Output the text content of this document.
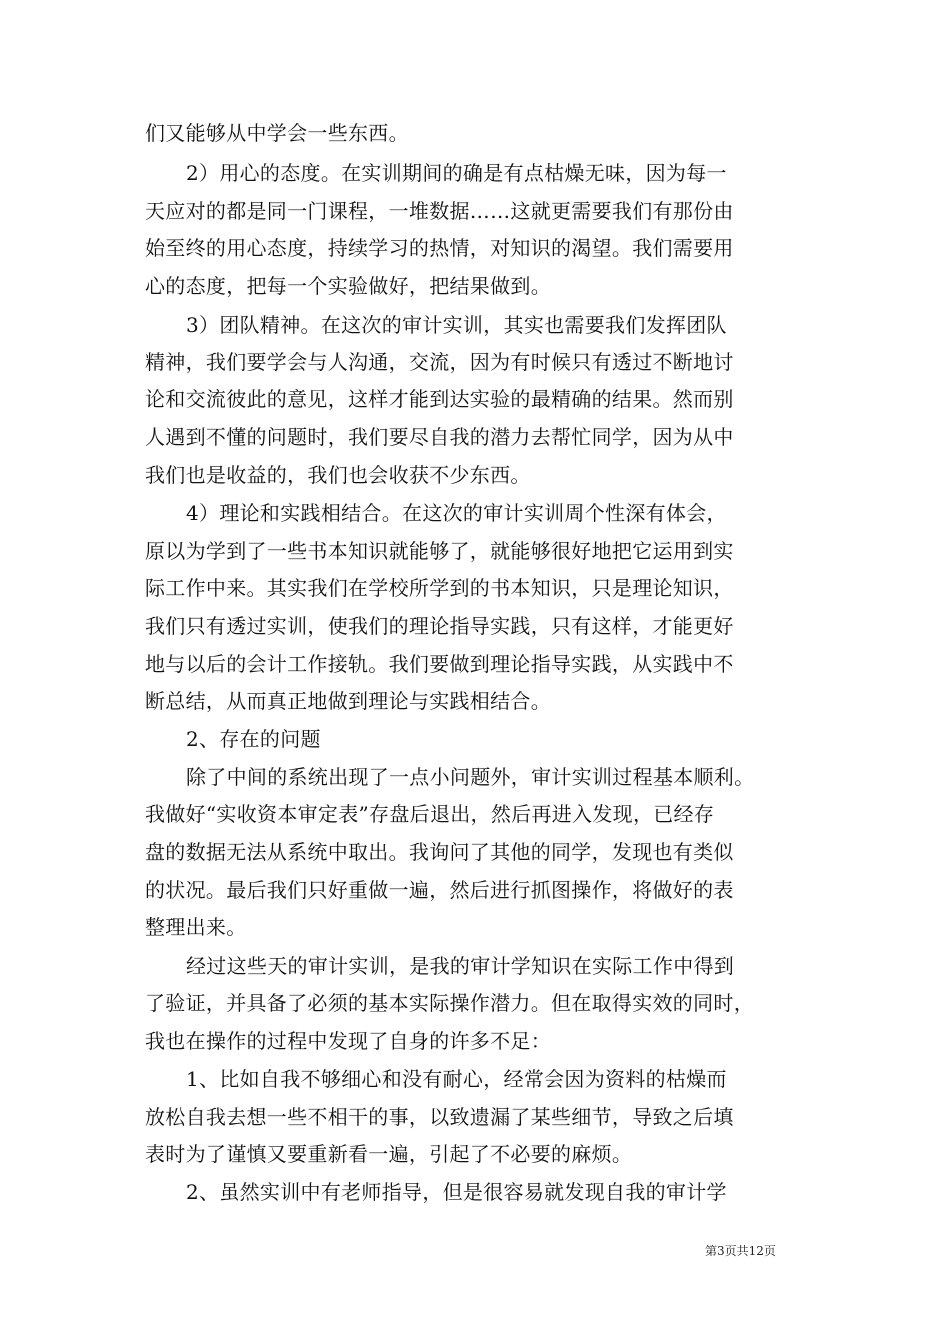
们又能够从中学会一些东西。
2）用心的态度。在实训期间的确是有点枯燥无味，因为每一
天应对的都是同一门课程，一堆数据……这就更需要我们有那份由
始至终的用心态度，持续学习的热情，对知识的渴望。我们需要用
心的态度，把每一个实验做好，把结果做到。
3）团队精神。在这次的审计实训，其实也需要我们发挥团队
精神，我们要学会与人沟通，交流，因为有时候只有透过不断地讨
论和交流彼此的意见，这样才能到达实验的最精确的结果。然而别
人遇到不懂的问题时，我们要尽自我的潜力去帮忙同学，因为从中
我们也是收益的，我们也会收获不少东西。
4）理论和实践相结合。在这次的审计实训周个性深有体会，
原以为学到了一些书本知识就能够了，就能够很好地把它运用到实
际工作中来。其实我们在学校所学到的书本知识，只是理论知识，
我们只有透过实训，使我们的理论指导实践，只有这样，才能更好
地与以后的会计工作接轨。我们要做到理论指导实践，从实践中不
断总结，从而真正地做到理论与实践相结合。
2、存在的问题
除了中间的系统出现了一点小问题外，审计实训过程基本顺利。
我做好“实收资本审定表”存盘后退出，然后再进入发现，已经存
盘的数据无法从系统中取出。我询问了其他的同学，发现也有类似
的状况。最后我们只好重做一遍，然后进行抓图操作，将做好的表
整理出来。
经过这些天的审计实训，是我的审计学知识在实际工作中得到
了验证，并具备了必须的基本实际操作潜力。但在取得实效的同时，
我也在操作的过程中发现了自身的许多不足：
1、比如自我不够细心和没有耐心，经常会因为资料的枯燥而
放松自我去想一些不相干的事，以致遗漏了某些细节，导致之后填
表时为了谨慎又要重新看一遍，引起了不必要的麻烦。
2、虽然实训中有老师指导，但是很容易就发现自我的审计学
第3页共12页
